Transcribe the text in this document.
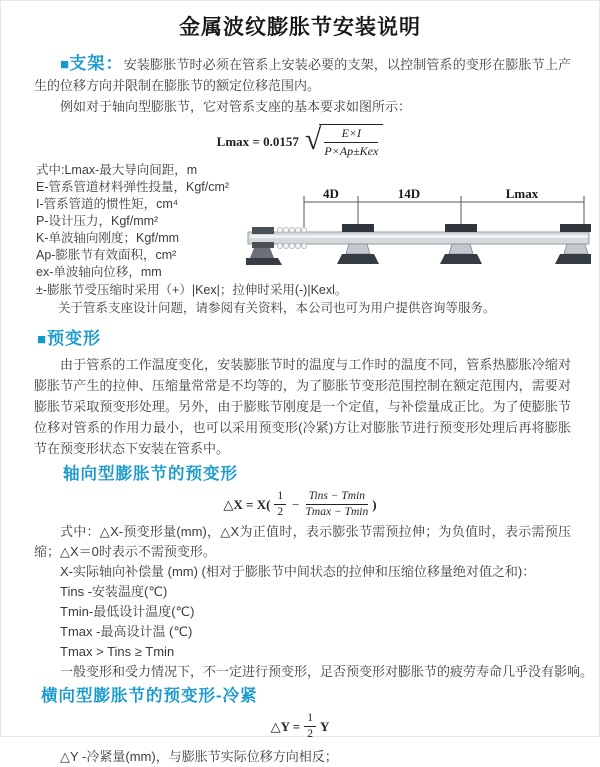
金属波纹膨胀节安装说明

■支架：安装膨胀节时必须在管系上安装必要的支架，以控制管系的变形在膨胀节上产生的位移方向并限制在膨胀节的额定位移范围内。

例如对于轴向型膨胀节，它对管系支座的基本要求如图所示：

Lmax = 0.0157 √	E×I
P×Ap±Kex
式中:Lmax-最大导向间距，m
E-管系管道材料弹性投量，Kgf/cm²
I-管系管道的惯性矩，cm⁴
P-设计压力，Kgf/mm²
K-单波轴向刚度；Kgf/mm
Ap-膨胀节有效面积，cm²
ex-单波轴向位移，mm
±-膨胀节受压缩时采用（+）|Kex|；拉伸时采用(-)|Kexl。
关于管系支座设计问题，请参阅有关资料，本公司也可为用户提供咨询等服务。
4D	14D	Lmax
■预变形

由于管系的工作温度变化，安装膨胀节时的温度与工作时的温度不同，管系热膨胀冷缩对膨胀节产生的拉伸、压缩量常常是不均等的，为了膨胀节变形范围控制在额定范围内，需要对膨胀节采取预变形处理。另外，由于膨账节刚度是一个定值，与补偿量成正比。为了使膨胀节位移对管系的作用力最小，也可以采用预变形(冷紧)方让对膨胀节进行预变形处理后再将膨胀节在预变形状态下安装在管系中。

轴向型膨胀节的预变形
△X = $X( \frac{1}{2} - \frac{\text{Tins − Tmin}}{Tmax - Tmin}$ )

式中：△X-预变形量(mm)，△X为正值时，表示膨张节需预拉伸；为负值时，表示需预压缩；△X＝0时表示不需预变形。

X-实际轴向补偿量 (mm) (相对于膨胀节中间状态的拉伸和压缩位移量绝对值之和)：
Tins -安装温度(℃)
Tmin-最低设计温度(℃)
Tmax -最高设计温 (℃)
Tmax > Tins ≥ Tmin
一般变形和受力情况下，不一定进行预变形，足否预变形对膨胀节的疲劳寿命几乎没有影响。
横向型膨胀节的预变形-冷紧
△Y = $\frac{1}{2}$ Y
△Y -冷紧量(mm)，与膨胀节实际位移方向相反；
